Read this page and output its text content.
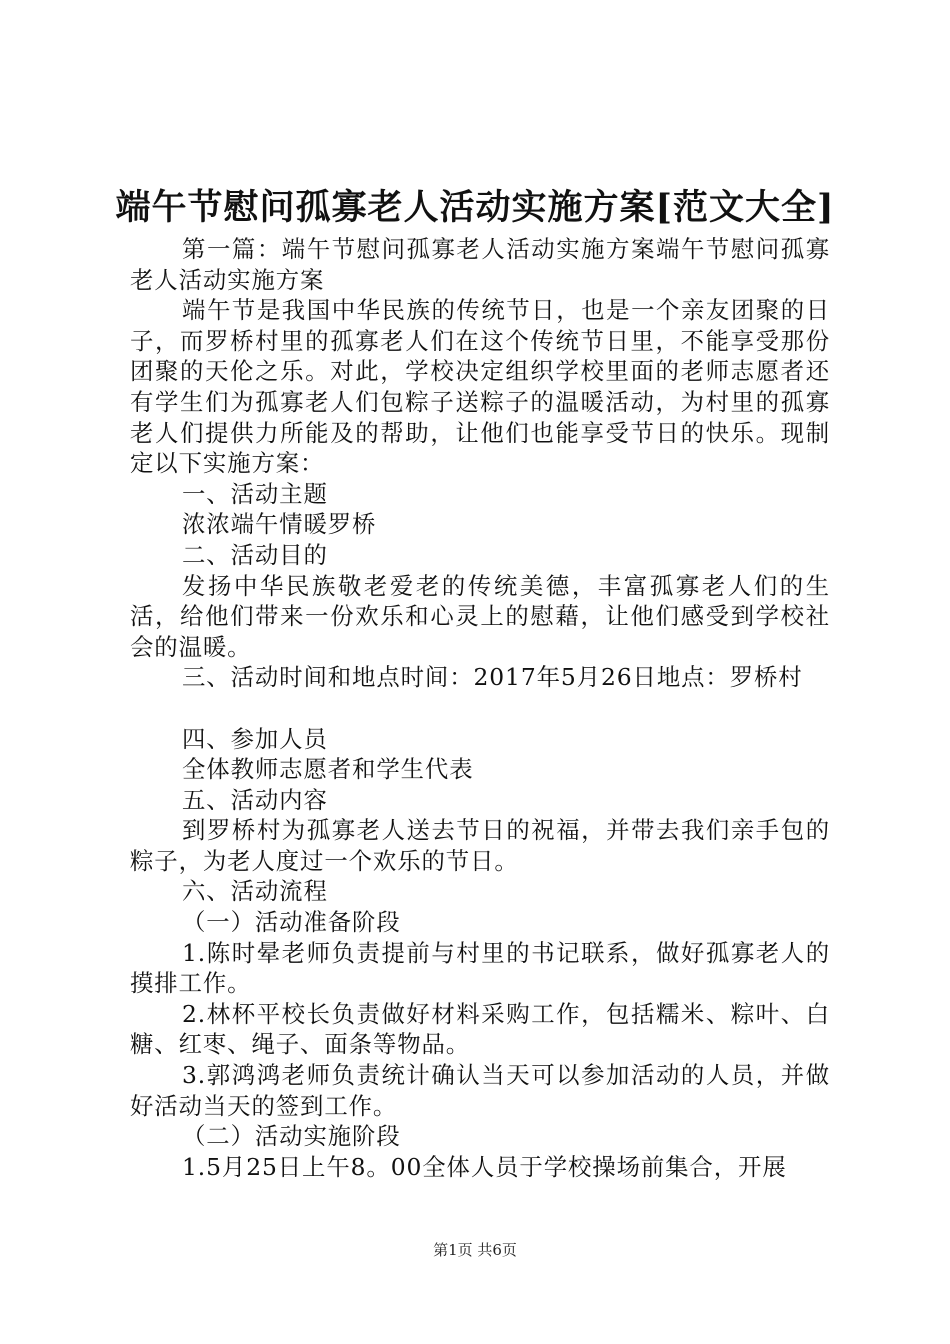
端午节慰问孤寡老人活动实施方案[范文大全]

第一篇：端午节慰问孤寡老人活动实施方案端午节慰问孤寡老人活动实施方案

端午节是我国中华民族的传统节日，也是一个亲友团聚的日子，而罗桥村里的孤寡老人们在这个传统节日里，不能享受那份团聚的天伦之乐。对此，学校决定组织学校里面的老师志愿者还有学生们为孤寡老人们包粽子送粽子的温暖活动，为村里的孤寡老人们提供力所能及的帮助，让他们也能享受节日的快乐。现制定以下实施方案：

一、活动主题

浓浓端午情暖罗桥

二、活动目的

发扬中华民族敬老爱老的传统美德，丰富孤寡老人们的生活，给他们带来一份欢乐和心灵上的慰藉，让他们感受到学校社会的温暖。

三、活动时间和地点时间：2017年5月26日地点：罗桥村

四、参加人员

全体教师志愿者和学生代表

五、活动内容

到罗桥村为孤寡老人送去节日的祝福，并带去我们亲手包的粽子，为老人度过一个欢乐的节日。

六、活动流程

（一）活动准备阶段

1.陈时晕老师负责提前与村里的书记联系，做好孤寡老人的摸排工作。

2.林杯平校长负责做好材料采购工作，包括糯米、粽叶、白糖、红枣、绳子、面条等物品。

3.郭鸿鸿老师负责统计确认当天可以参加活动的人员，并做好活动当天的签到工作。

（二）活动实施阶段

1.5月25日上午8。00全体人员于学校操场前集合，开展

第1页 共6页
